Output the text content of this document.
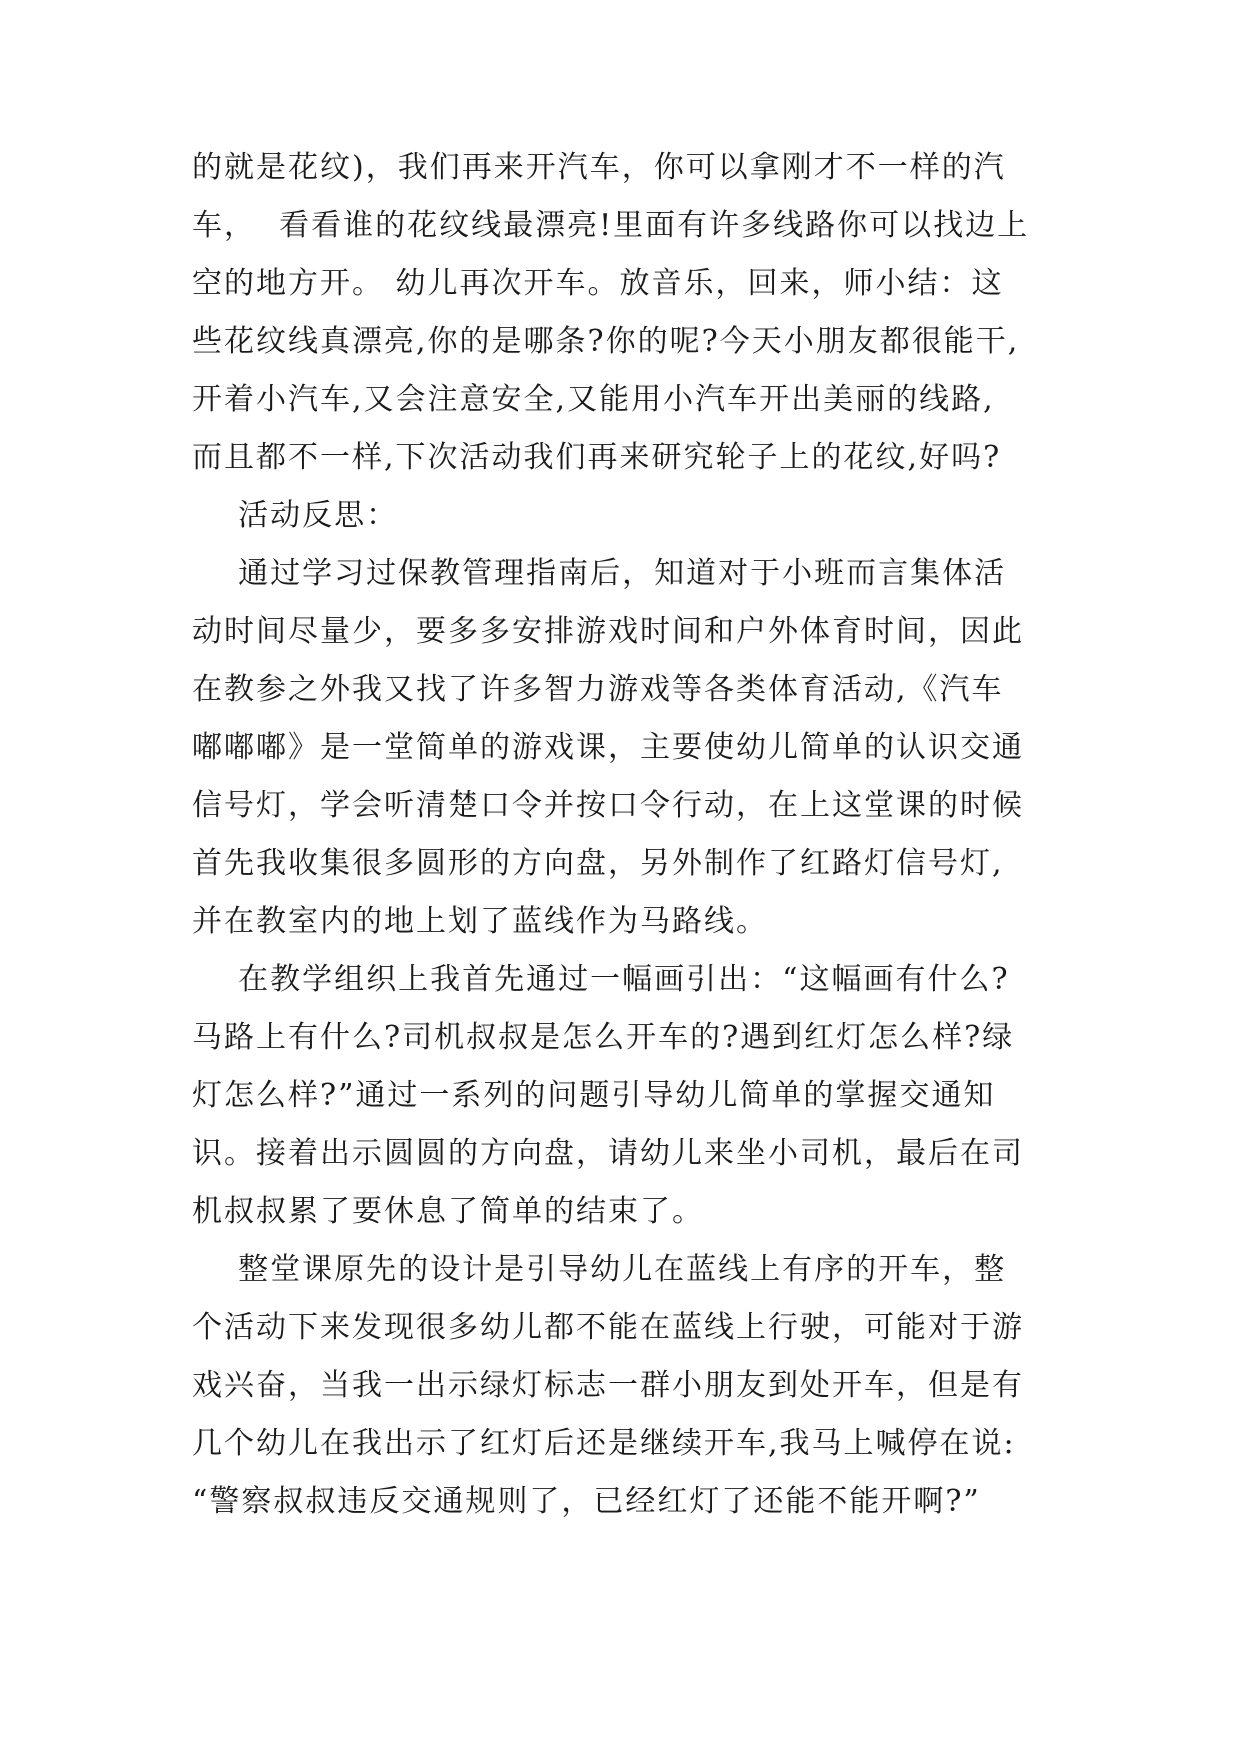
的就是花纹)，我们再来开汽车，你可以拿刚才不一样的汽
车，  看看谁的花纹线最漂亮!里面有许多线路你可以找边上
空的地方开。 幼儿再次开车。放音乐，回来，师小结：这
些花纹线真漂亮,你的是哪条?你的呢?今天小朋友都很能干,
开着小汽车,又会注意安全,又能用小汽车开出美丽的线路,
而且都不一样,下次活动我们再来研究轮子上的花纹,好吗?
活动反思：
通过学习过保教管理指南后，知道对于小班而言集体活
动时间尽量少，要多多安排游戏时间和户外体育时间，因此
在教参之外我又找了许多智力游戏等各类体育活动,《汽车
嘟嘟嘟》是一堂简单的游戏课，主要使幼儿简单的认识交通
信号灯，学会听清楚口令并按口令行动，在上这堂课的时候
首先我收集很多圆形的方向盘，另外制作了红路灯信号灯,
并在教室内的地上划了蓝线作为马路线。
在教学组织上我首先通过一幅画引出：“这幅画有什么?
马路上有什么?司机叔叔是怎么开车的?遇到红灯怎么样?绿
灯怎么样?”通过一系列的问题引导幼儿简单的掌握交通知
识。接着出示圆圆的方向盘，请幼儿来坐小司机，最后在司
机叔叔累了要休息了简单的结束了。
整堂课原先的设计是引导幼儿在蓝线上有序的开车，整
个活动下来发现很多幼儿都不能在蓝线上行驶，可能对于游
戏兴奋，当我一出示绿灯标志一群小朋友到处开车，但是有
几个幼儿在我出示了红灯后还是继续开车,我马上喊停在说:
“警察叔叔违反交通规则了，已经红灯了还能不能开啊?”
